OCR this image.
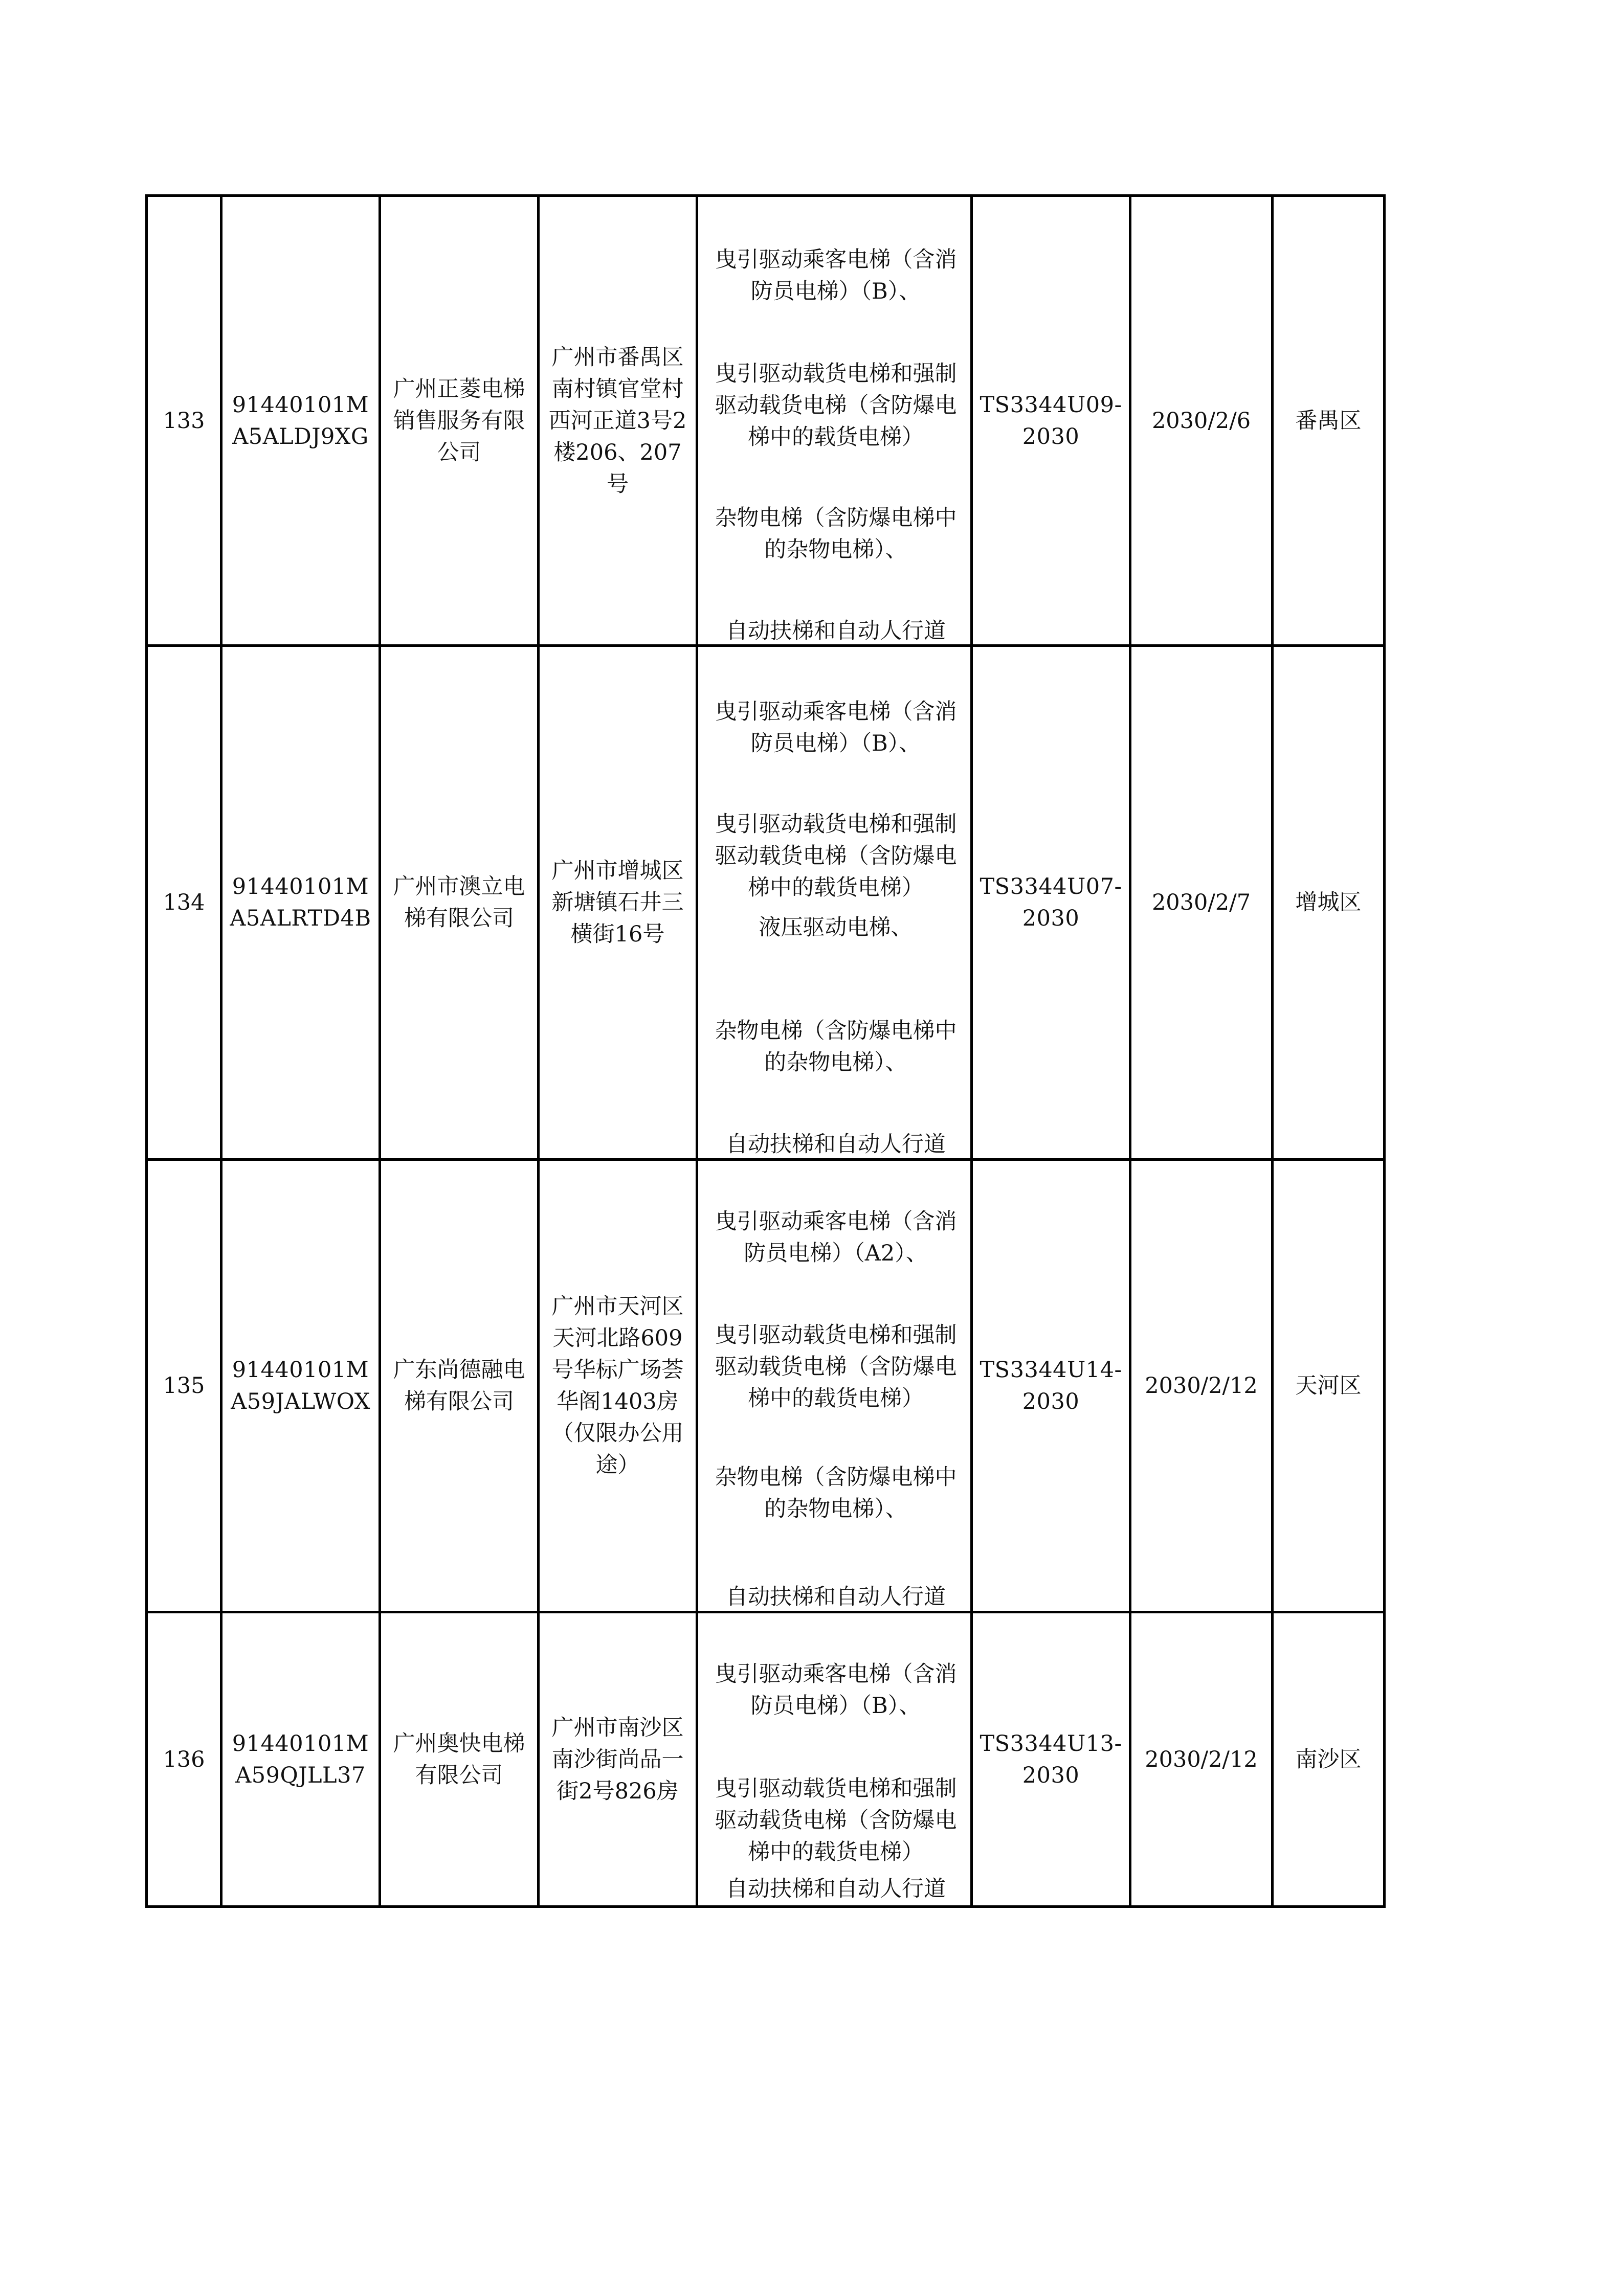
133	91440101MA5ALDJ9XG	广州正菱电梯销售服务有限公司	广州市番禺区南村镇官堂村西河正道3号2楼206、207号	曳引驱动乘客电梯（含消防员电梯）（B）、
曳引驱动载货电梯和强制驱动载货电梯（含防爆电梯中的载货电梯）
杂物电梯（含防爆电梯中的杂物电梯）、
自动扶梯和自动人行道	TS3344U09-2030	2030/2/6	番禺区
134	91440101MA5ALRTD4B	广州市澳立电梯有限公司	广州市增城区新塘镇石井三横街16号	曳引驱动乘客电梯（含消防员电梯）（B）、
曳引驱动载货电梯和强制驱动载货电梯（含防爆电梯中的载货电梯）
液压驱动电梯、
杂物电梯（含防爆电梯中的杂物电梯）、
自动扶梯和自动人行道	TS3344U07-2030	2030/2/7	增城区
135	91440101MA59JALWOX	广东尚德融电梯有限公司	广州市天河区天河北路609号华标广场荟华阁1403房（仅限办公用途）	曳引驱动乘客电梯（含消防员电梯）（A2）、
曳引驱动载货电梯和强制驱动载货电梯（含防爆电梯中的载货电梯）
杂物电梯（含防爆电梯中的杂物电梯）、
自动扶梯和自动人行道	TS3344U14-2030	2030/2/12	天河区
136	91440101MA59QJLL37	广州奥快电梯有限公司	广州市南沙区南沙街尚品一街2号826房	曳引驱动乘客电梯（含消防员电梯）（B）、
曳引驱动载货电梯和强制驱动载货电梯（含防爆电梯中的载货电梯）
自动扶梯和自动人行道	TS3344U13-2030	2030/2/12	南沙区
